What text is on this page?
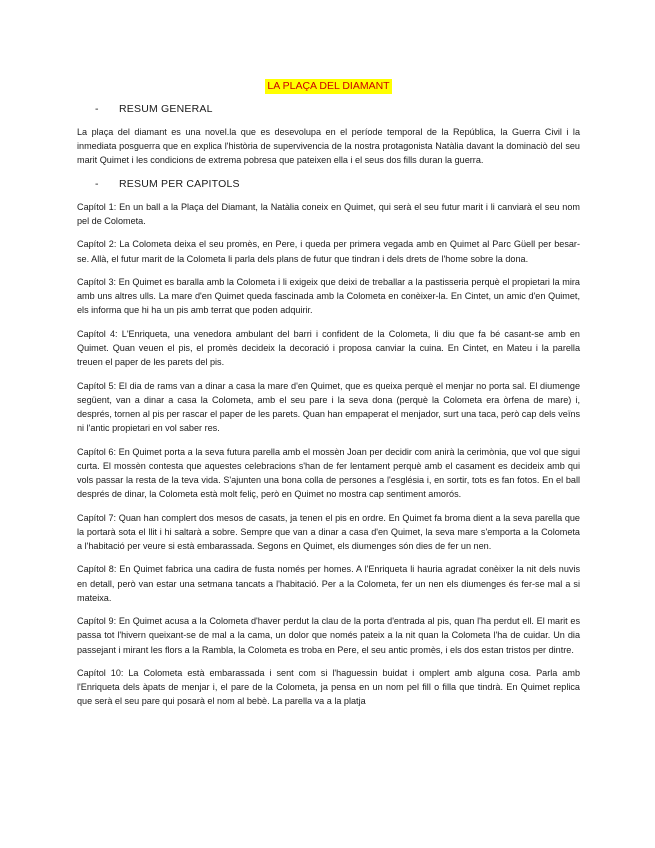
LA PLAÇA DEL DIAMANT
- RESUM GENERAL

La plaça del diamant es una novel.la que es desevolupa en el període temporal de la República, la Guerra Civil i la inmediata posguerra que en explica l'història de supervivencia de la nostra protagonista Natàlia davant la dominaciò del seu marit Quimet i les condicions de extrema pobresa que pateixen ella i el seus dos fills duran la guerra.

- RESUM PER CAPITOLS

Capítol 1: En un ball a la Plaça del Diamant, la Natàlia coneix en Quimet, qui serà el seu futur marit i li canviarà el seu nom pel de Colometa.

Capítol 2: La Colometa deixa el seu promès, en Pere, i queda per primera vegada amb en Quimet al Parc Güell per besar-se. Allà, el futur marit de la Colometa li parla dels plans de futur que tindran i dels drets de l'home sobre la dona.

Capítol 3: En Quimet es baralla amb la Colometa i li exigeix que deixi de treballar a la pastisseria perquè el propietari la mira amb uns altres ulls. La mare d'en Quimet queda fascinada amb la Colometa en conèixer-la. En Cintet, un amic d'en Quimet, els informa que hi ha un pis amb terrat que poden adquirir.

Capítol 4: L'Enriqueta, una venedora ambulant del barri i confident de la Colometa, li diu que fa bé casant-se amb en Quimet. Quan veuen el pis, el promès decideix la decoració i proposa canviar la cuina. En Cintet, en Mateu i la parella treuen el paper de les parets del pis.

Capítol 5: El dia de rams van a dinar a casa la mare d'en Quimet, que es queixa perquè el menjar no porta sal. El diumenge següent, van a dinar a casa la Colometa, amb el seu pare i la seva dona (perquè la Colometa era òrfena de mare) i, després, tornen al pis per rascar el paper de les parets. Quan han empaperat el menjador, surt una taca, però cap dels veïns ni l'antic propietari en vol saber res.

Capítol 6: En Quimet porta a la seva futura parella amb el mossèn Joan per decidir com anirà la cerimònia, que vol que sigui curta. El mossèn contesta que aquestes celebracions s'han de fer lentament perquè amb el casament es decideix amb qui vols passar la resta de la teva vida. S'ajunten una bona colla de persones a l'església i, en sortir, tots es fan fotos. En el ball després de dinar, la Colometa està molt feliç, però en Quimet no mostra cap sentiment amorós.

Capítol 7: Quan han complert dos mesos de casats, ja tenen el pis en ordre. En Quimet fa broma dient a la seva parella que la portarà sota el llit i hi saltarà a sobre. Sempre que van a dinar a casa d'en Quimet, la seva mare s'emporta a la Colometa a l'habitació per veure si està embarassada. Segons en Quimet, els diumenges són dies de fer un nen.

Capítol 8: En Quimet fabrica una cadira de fusta només per homes. A l'Enriqueta li hauria agradat conèixer la nit dels nuvis en detall, però van estar una setmana tancats a l'habitació. Per a la Colometa, fer un nen els diumenges és fer-se mal a si mateixa.

Capítol 9: En Quimet acusa a la Colometa d'haver perdut la clau de la porta d'entrada al pis, quan l'ha perdut ell. El marit es passa tot l'hivern queixant-se de mal a la cama, un dolor que només pateix a la nit quan la Colometa l'ha de cuidar. Un dia passejant i mirant les flors a la Rambla, la Colometa es troba en Pere, el seu antic promès, i els dos estan tristos per dintre.

Capítol 10: La Colometa està embarassada i sent com si l'haguessin buidat i omplert amb alguna cosa. Parla amb l'Enriqueta dels àpats de menjar i, el pare de la Colometa, ja pensa en un nom pel fill o filla que tindrà. En Quimet replica que serà el seu pare qui posarà el nom al bebè. La parella va a la platja
